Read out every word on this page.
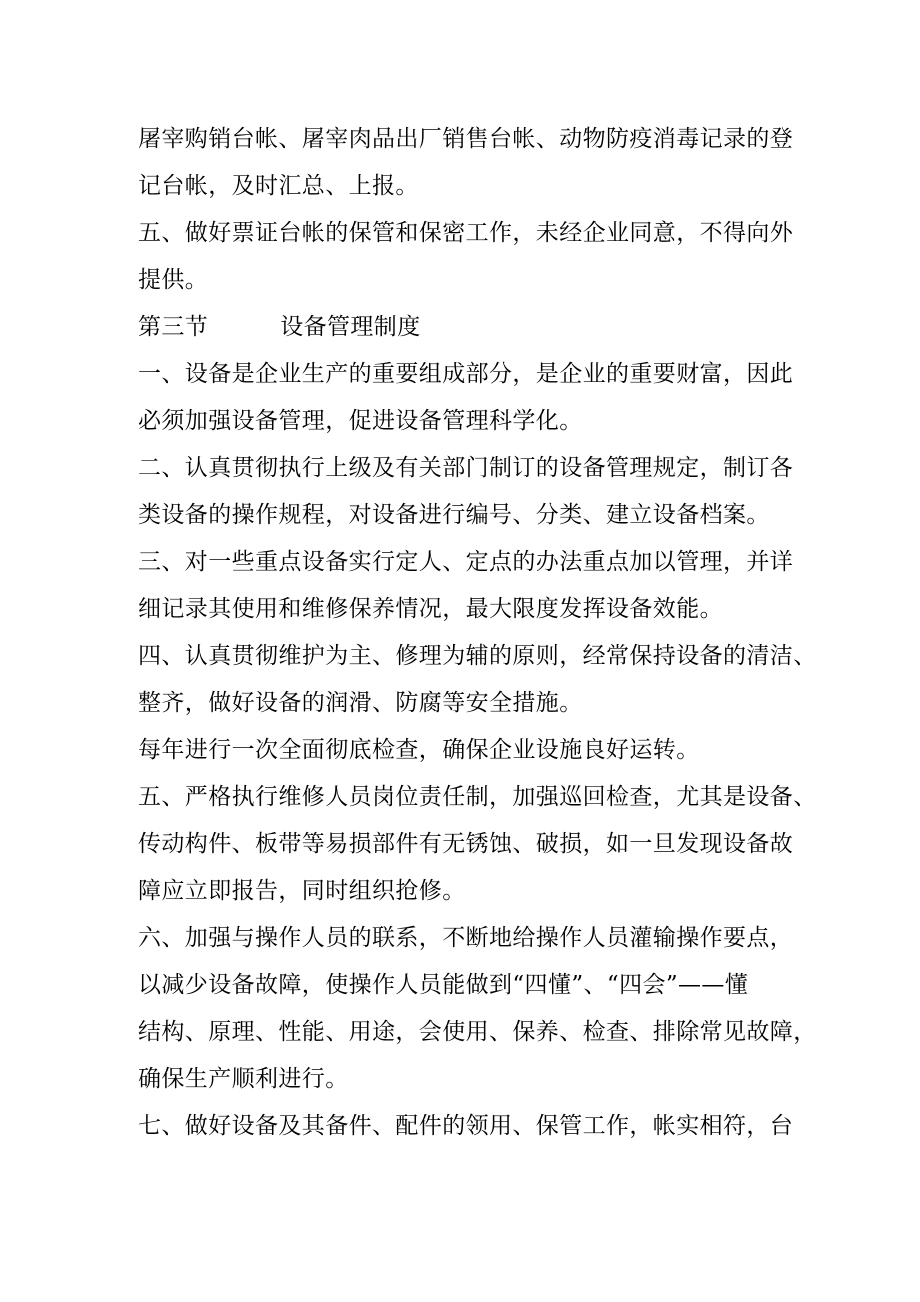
屠宰购销台帐、屠宰肉品出厂销售台帐、动物防疫消毒记录的登
记台帐，及时汇总、上报。
五、做好票证台帐的保管和保密工作，未经企业同意，不得向外
提供。
第三节	设备管理制度
一、设备是企业生产的重要组成部分，是企业的重要财富，因此
必须加强设备管理，促进设备管理科学化。
二、认真贯彻执行上级及有关部门制订的设备管理规定，制订各
类设备的操作规程，对设备进行编号、分类、建立设备档案。
三、对一些重点设备实行定人、定点的办法重点加以管理，并详
细记录其使用和维修保养情况，最大限度发挥设备效能。
四、认真贯彻维护为主、修理为辅的原则，经常保持设备的清洁、
整齐，做好设备的润滑、防腐等安全措施。
每年进行一次全面彻底检查，确保企业设施良好运转。
五、严格执行维修人员岗位责任制，加强巡回检查，尤其是设备、
传动构件、板带等易损部件有无锈蚀、破损，如一旦发现设备故
障应立即报告，同时组织抢修。
六、加强与操作人员的联系，不断地给操作人员灌输操作要点，
以减少设备故障，使操作人员能做到“四懂”、“四会”——懂
结构、原理、性能、用途，会使用、保养、检查、排除常见故障，
确保生产顺利进行。
七、做好设备及其备件、配件的领用、保管工作，帐实相符，台
